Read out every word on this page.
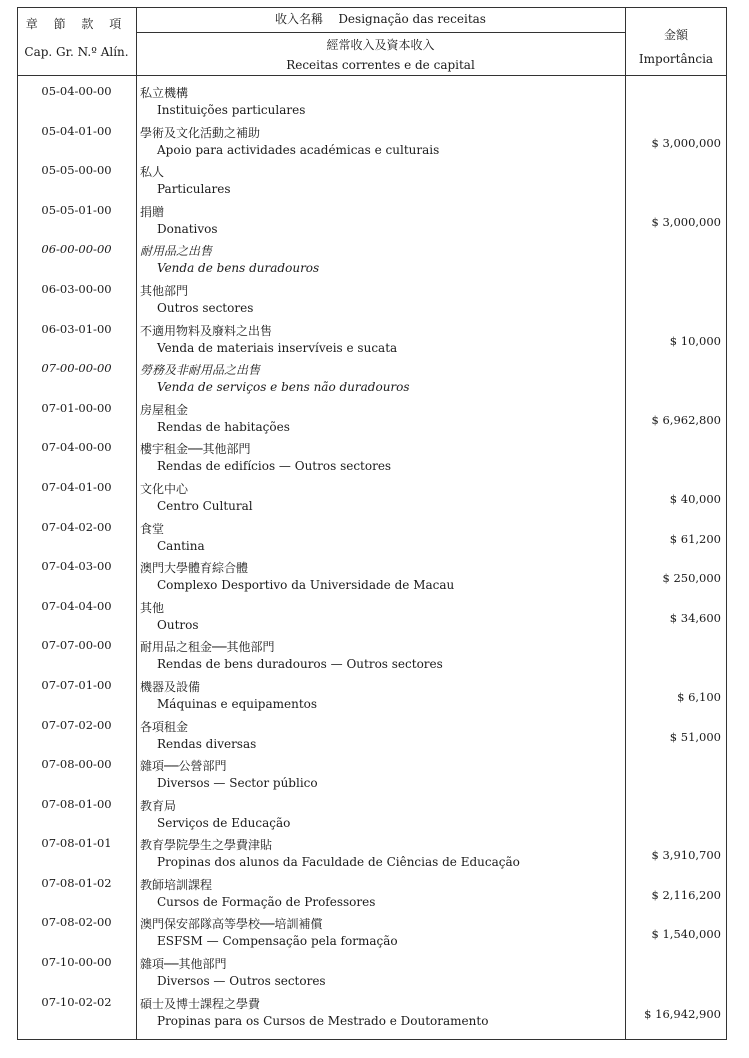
章 節 款 項
Cap. Gr. N.º Alín.
收入名稱 Designação das receitas
經常收入及資本收入
Receitas correntes e de capital
金額
Importância
05-04-00-00	私立機構
Instituições particulares
05-04-01-00	學術及文化活動之補助
Apoio para actividades académicas e culturais	$ 3,000,000
05-05-00-00	私人
Particulares
05-05-01-00	捐贈
Donativos	$ 3,000,000
06-00-00-00	耐用品之出售
Venda de bens duradouros
06-03-00-00	其他部門
Outros sectores
06-03-01-00	不適用物料及廢料之出售
Venda de materiais inservíveis e sucata	$ 10,000
07-00-00-00	勞務及非耐用品之出售
Venda de serviços e bens não duradouros
07-01-00-00	房屋租金
Rendas de habitações	$ 6,962,800
07-04-00-00	樓宇租金──其他部門
Rendas de edifícios — Outros sectores
07-04-01-00	文化中心
Centro Cultural	$ 40,000
07-04-02-00	食堂
Cantina	$ 61,200
07-04-03-00	澳門大學體育綜合體
Complexo Desportivo da Universidade de Macau	$ 250,000
07-04-04-00	其他
Outros	$ 34,600
07-07-00-00	耐用品之租金──其他部門
Rendas de bens duradouros — Outros sectores
07-07-01-00	機器及設備
Máquinas e equipamentos	$ 6,100
07-07-02-00	各項租金
Rendas diversas	$ 51,000
07-08-00-00	雜項──公營部門
Diversos — Sector público
07-08-01-00	教育局
Serviços de Educação
07-08-01-01	教育學院學生之學費津貼
Propinas dos alunos da Faculdade de Ciências de Educação	$ 3,910,700
07-08-01-02	教師培訓課程
Cursos de Formação de Professores	$ 2,116,200
07-08-02-00	澳門保安部隊高等學校──培訓補償
ESFSM — Compensação pela formação	$ 1,540,000
07-10-00-00	雜項──其他部門
Diversos — Outros sectores
07-10-02-02	碩士及博士課程之學費
Propinas para os Cursos de Mestrado e Doutoramento	$ 16,942,900
